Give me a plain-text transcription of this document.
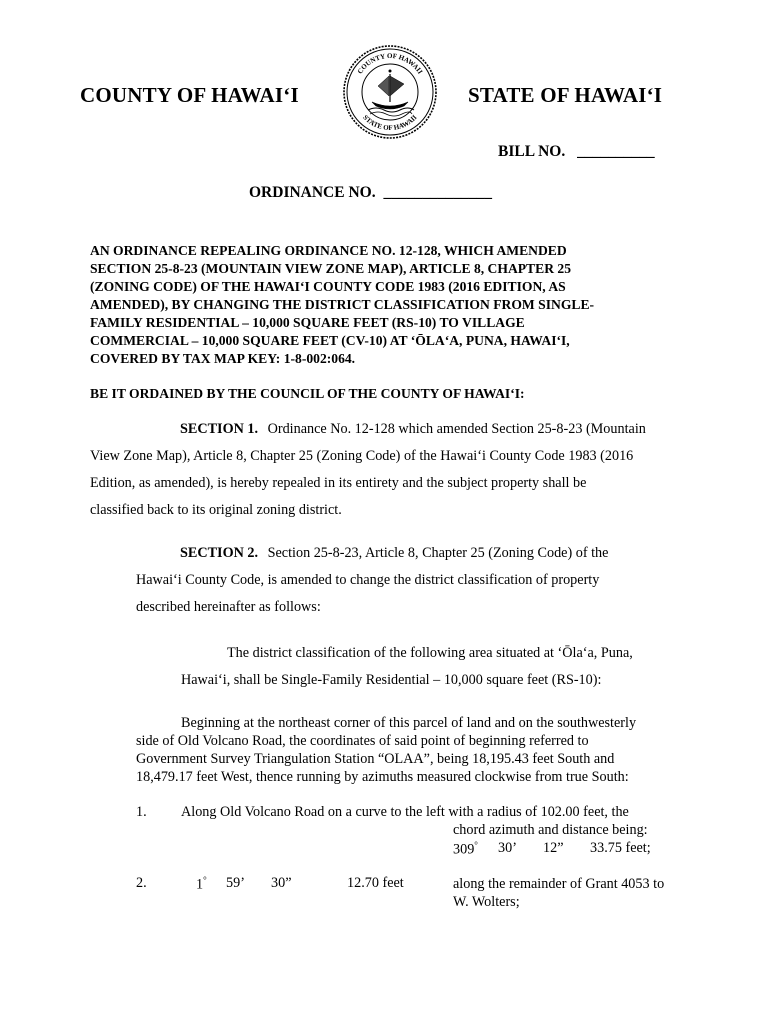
COUNTY OF HAWAI‘I
COUNTY OF HAWAII
STATE OF HAWAII
STATE OF HAWAI‘I
BILL NO. __________
ORDINANCE NO. ______________
AN ORDINANCE REPEALING ORDINANCE NO. 12-128, WHICH AMENDED
SECTION 25-8-23 (MOUNTAIN VIEW ZONE MAP), ARTICLE 8, CHAPTER 25
(ZONING CODE) OF THE HAWAI‘I COUNTY CODE 1983 (2016 EDITION, AS
AMENDED), BY CHANGING THE DISTRICT CLASSIFICATION FROM SINGLE-
FAMILY RESIDENTIAL – 10,000 SQUARE FEET (RS-10) TO VILLAGE
COMMERCIAL – 10,000 SQUARE FEET (CV-10) AT ‘ŌLA‘A, PUNA, HAWAI‘I,
COVERED BY TAX MAP KEY: 1-8-002:064.
BE IT ORDAINED BY THE COUNCIL OF THE COUNTY OF HAWAI‘I:
SECTION 1. Ordinance No. 12-128 which amended Section 25-8-23 (Mountain
View Zone Map), Article 8, Chapter 25 (Zoning Code) of the Hawai‘i County Code 1983 (2016
Edition, as amended), is hereby repealed in its entirety and the subject property shall be
classified back to its original zoning district.
SECTION 2. Section 25-8-23, Article 8, Chapter 25 (Zoning Code) of the
Hawai‘i County Code, is amended to change the district classification of property
described hereinafter as follows:
The district classification of the following area situated at ‘Ōla‘a, Puna,
Hawai‘i, shall be Single-Family Residential – 10,000 square feet (RS-10):
Beginning at the northeast corner of this parcel of land and on the southwesterly
side of Old Volcano Road, the coordinates of said point of beginning referred to
Government Survey Triangulation Station “OLAA”, being 18,195.43 feet South and
18,479.17 feet West, thence running by azimuths measured clockwise from true South:
1. Along Old Volcano Road on a curve to the left with a radius of 102.00 feet, the
chord azimuth and distance being:
309° 30’ 12” 33.75 feet;
2.	1° 59’ 30”	12.70 feet	along the remainder of Grant 4053 to
W. Wolters;
